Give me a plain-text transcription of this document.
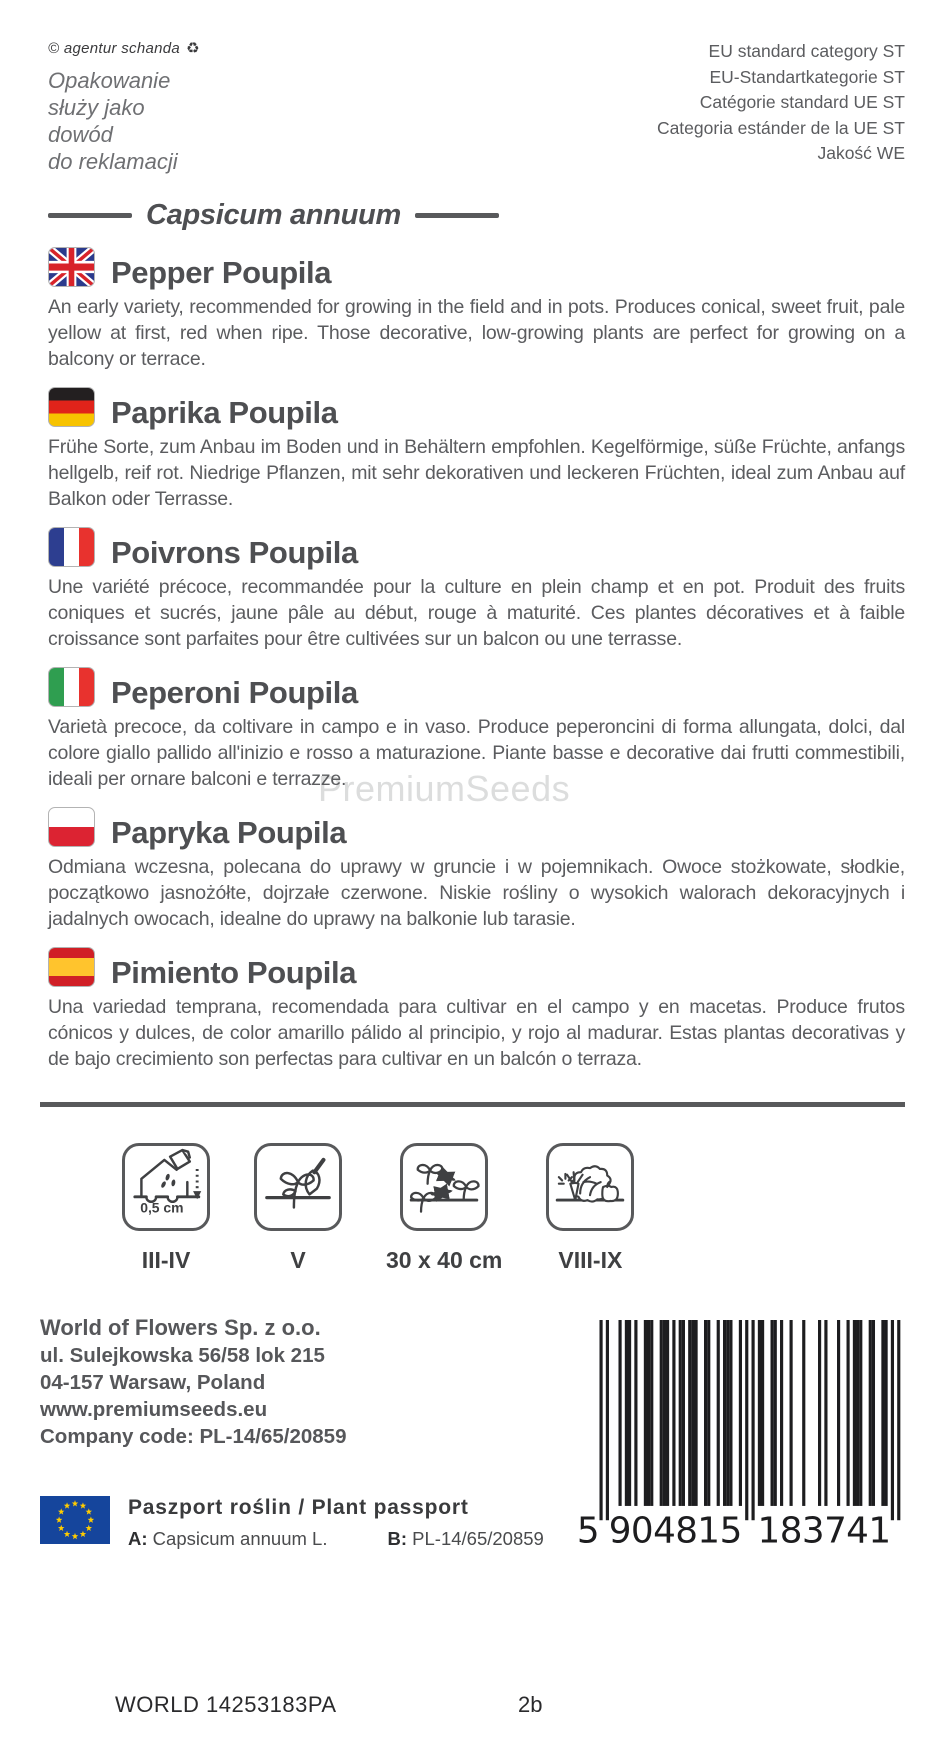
© agentur schanda ♻
Opakowanie
służy jako
dowód
do reklamacji
EU standard category ST
EU-Standartkategorie ST
Catégorie standard UE ST
Categoria estánder de la UE ST
Jakość WE
Capsicum annuum
PremiumSeeds
Pepper Poupila

An early variety, recommended for growing in the field and in pots. Produces conical, sweet fruit, pale yellow at first, red when ripe. Those decorative, low-growing plants are perfect for growing on a balcony or terrace.

Paprika Poupila

Frühe Sorte, zum Anbau im Boden und in Behältern empfohlen. Kegelförmige, süße Früchte, anfangs hellgelb, reif rot. Niedrige Pflanzen, mit sehr dekorativen und leckeren Früchten, ideal zum Anbau auf Balkon oder Terrasse.

Poivrons Poupila

Une variété précoce, recommandée pour la culture en plein champ et en pot. Produit des fruits coniques et sucrés, jaune pâle au début, rouge à maturité. Ces plantes décoratives et à faible croissance sont parfaites pour être cultivées sur un balcon ou une terrasse.

Peperoni Poupila

Varietà precoce, da coltivare in campo e in vaso. Produce peperoncini di forma allungata, dolci, dal colore giallo pallido all'inizio e rosso a maturazione. Piante basse e decorative dai frutti commestibili, ideali per ornare balconi e terrazze.

Papryka Poupila

Odmiana wczesna, polecana do uprawy w gruncie i w pojemnikach. Owoce stożkowate, słodkie, początkowo jasnożółte, dojrzałe czerwone. Niskie rośliny o wysokich walorach dekoracyjnych i jadalnych owocach, idealne do uprawy na balkonie lub tarasie.

Pimiento Poupila

Una variedad temprana, recomendada para cultivar en el campo y en macetas. Produce frutos cónicos y dulces, de color amarillo pálido al principio, y rojo al madurar. Estas plantas decorativas y de bajo crecimiento son perfectas para cultivar en un balcón o terraza.

0,5 cm
III-IV	V	30 x 40 cm VIII-IX
World of Flowers Sp. z o.o.
ul. Sulejkowska 56/58 lok 215
04-157 Warsaw, Poland
www.premiumseeds.eu
Company code: PL-14/65/20859
Paszport roślin / Plant passport
A: Capsicum annuum L.	B: PL-14/65/20859 5 9	1
0	8
4	3
8	7
1	4
5	1
WORLD 14253183PA	2b
